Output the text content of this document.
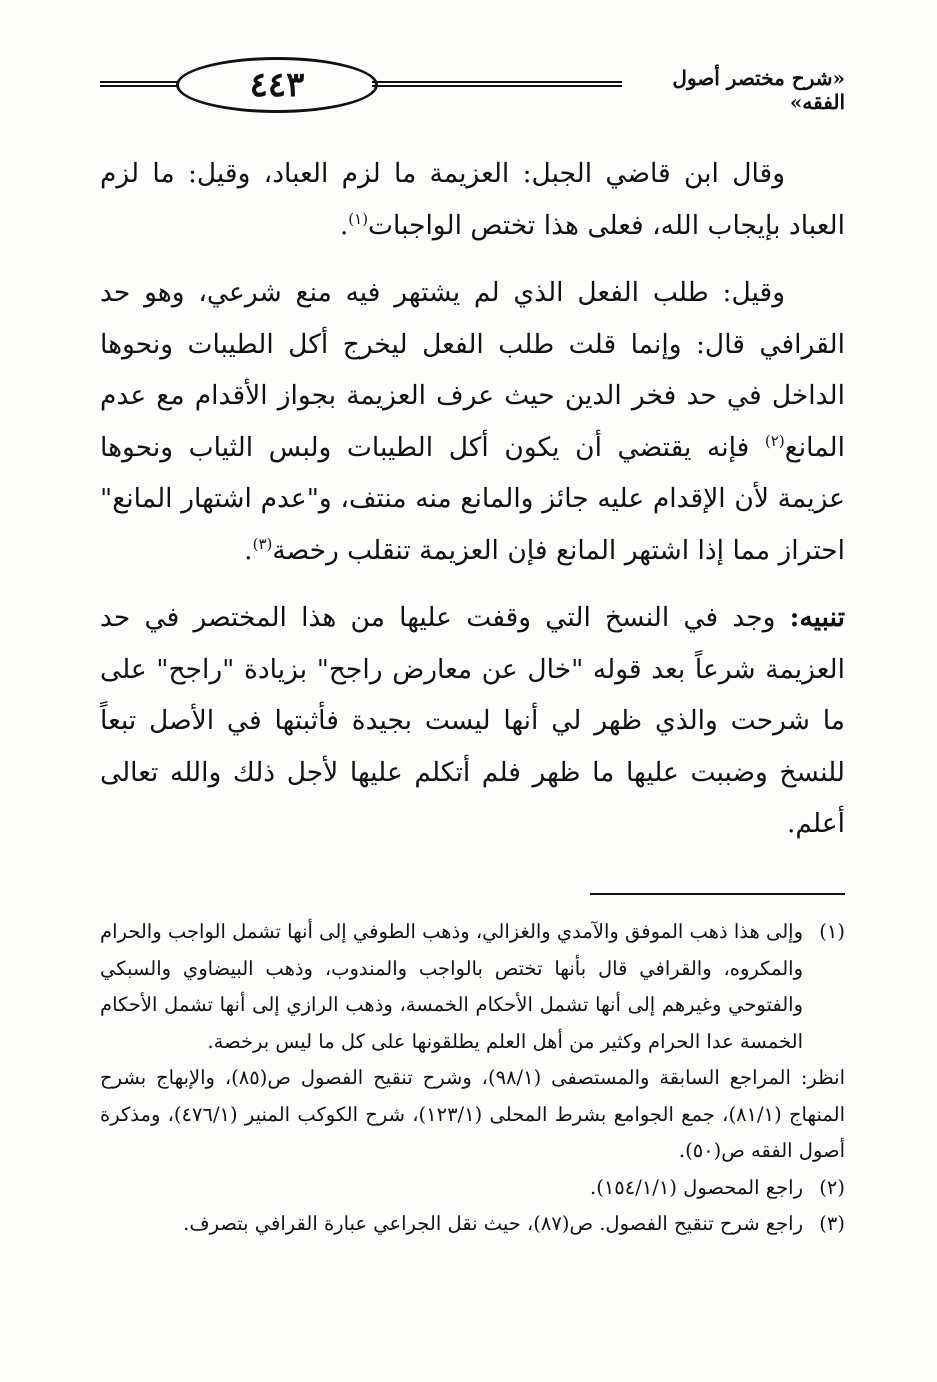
٤٤٣	«شرح مختصر أصول الفقه»

وقال ابن قاضي الجبل: العزيمة ما لزم العباد، وقيل: ما لزم العباد بإيجاب الله، فعلى هذا تختص الواجبات$^{(١)}$.

وقيل: طلب الفعل الذي لم يشتهر فيه منع شرعي، وهو حد القرافي قال: وإنما قلت طلب الفعل ليخرج أكل الطيبات ونحوها الداخل في حد فخر الدين حيث عرف العزيمة بجواز الأقدام مع عدم المانع$^{(٢)}$ فإنه يقتضي أن يكون أكل الطيبات ولبس الثياب ونحوها عزيمة لأن الإقدام عليه جائز والمانع منه منتف، و"عدم اشتهار المانع" احتراز مما إذا اشتهر المانع فإن العزيمة تنقلب رخصة$^{(٣)}$.

تنبيه: وجد في النسخ التي وقفت عليها من هذا المختصر في حد العزيمة شرعاً بعد قوله "خال عن معارض راجح" بزيادة "راجح" على ما شرحت والذي ظهر لي أنها ليست بجيدة فأثبتها في الأصل تبعاً للنسخ وضببت عليها ما ظهر فلم أتكلم عليها لأجل ذلك والله تعالى أعلم.

(١)
وإلى هذا ذهب الموفق والآمدي والغزالي، وذهب الطوفي إلى أنها تشمل الواجب والحرام والمكروه، والقرافي قال بأنها تختص بالواجب والمندوب، وذهب البيضاوي والسبكي والفتوحي وغيرهم إلى أنها تشمل الأحكام الخمسة، وذهب الرازي إلى أنها تشمل الأحكام الخمسة عدا الحرام وكثير من أهل العلم يطلقونها على كل ما ليس برخصة.
انظر: المراجع السابقة والمستصفى (٩٨/١)، وشرح تنقيح الفصول ص(٨٥)، والإبهاج بشرح المنهاج (٨١/١)، جمع الجوامع بشرط المحلى (١٢٣/١)، شرح الكوكب المنير (٤٧٦/١)، ومذكرة أصول الفقه ص(٥٠).
(٢)
راجع المحصول (١٥٤/١/١).
(٣)
راجع شرح تنقيح الفصول. ص(٨٧)، حيث نقل الجراعي عبارة القرافي بتصرف.
